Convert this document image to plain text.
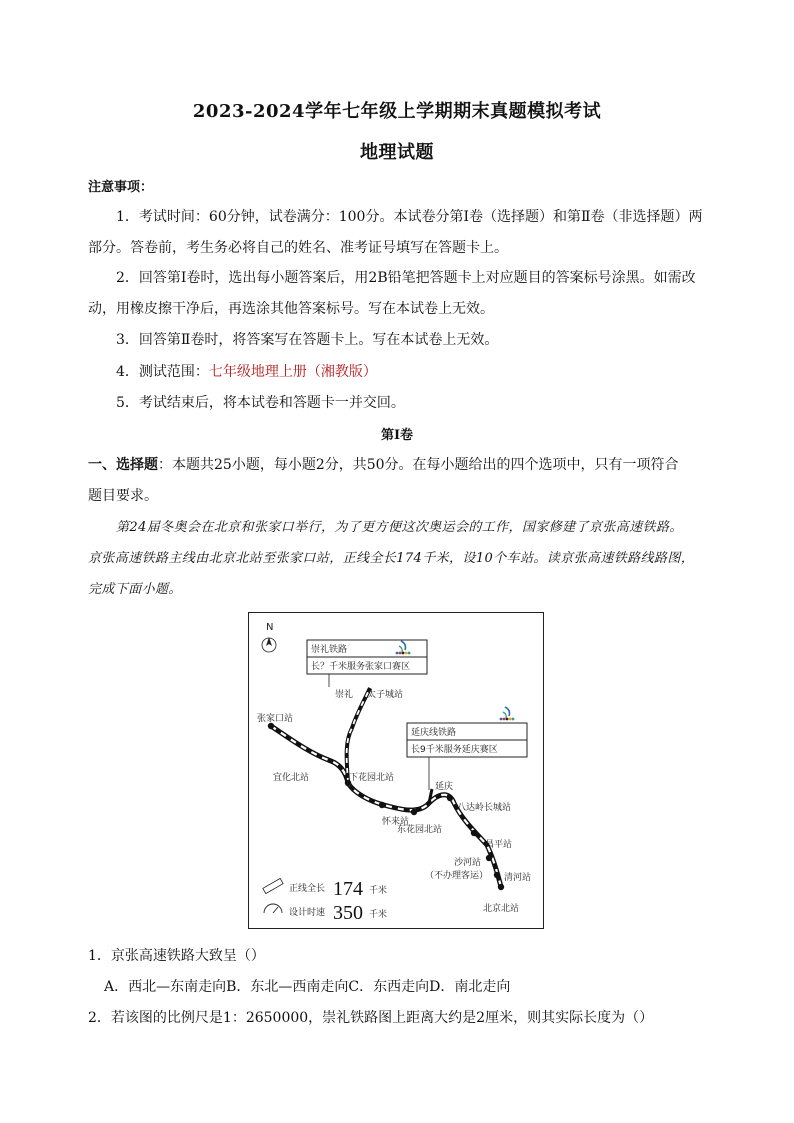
2023-2024学年七年级上学期期末真题模拟考试
地理试题
注意事项：
1．考试时间：60分钟，试卷满分：100分。本试卷分第Ⅰ卷（选择题）和第Ⅱ卷（非选择题）两
部分。答卷前，考生务必将自己的姓名、准考证号填写在答题卡上。
2．回答第Ⅰ卷时，选出每小题答案后，用2B铅笔把答题卡上对应题目的答案标号涂黑。如需改
动，用橡皮擦干净后，再选涂其他答案标号。写在本试卷上无效。
3．回答第Ⅱ卷时，将答案写在答题卡上。写在本试卷上无效。
4．测试范围：七年级地理上册（湘教版）
5．考试结束后，将本试卷和答题卡一并交回。
第Ⅰ卷
一、选择题：本题共25小题，每小题2分，共50分。在每小题给出的四个选项中，只有一项符合
题目要求。
第24届冬奥会在北京和张家口举行，为了更方便这次奥运会的工作，国家修建了京张高速铁路。
京张高速铁路主线由北京北站至张家口站，正线全长174千米，设10个车站。读京张高速铁路线路图，
完成下面小题。
N
崇礼铁路
长？千米服务张家口赛区
延庆线铁路
长9千米服务延庆赛区
崇礼 太子城站
张家口站
宜化北站	下花园北站
怀来站
东花园北站
延庆
八达岭长城站
昌平站
沙河站
（不办理客运） 清河站
北京北站
正线全长 174 千米
设计时速 350 千米
1．京张高速铁路大致呈（）
A．西北—东南走向B．东北—西南走向C．东西走向D．南北走向
2．若该图的比例尺是1：2650000，崇礼铁路图上距离大约是2厘米，则其实际长度为（）
